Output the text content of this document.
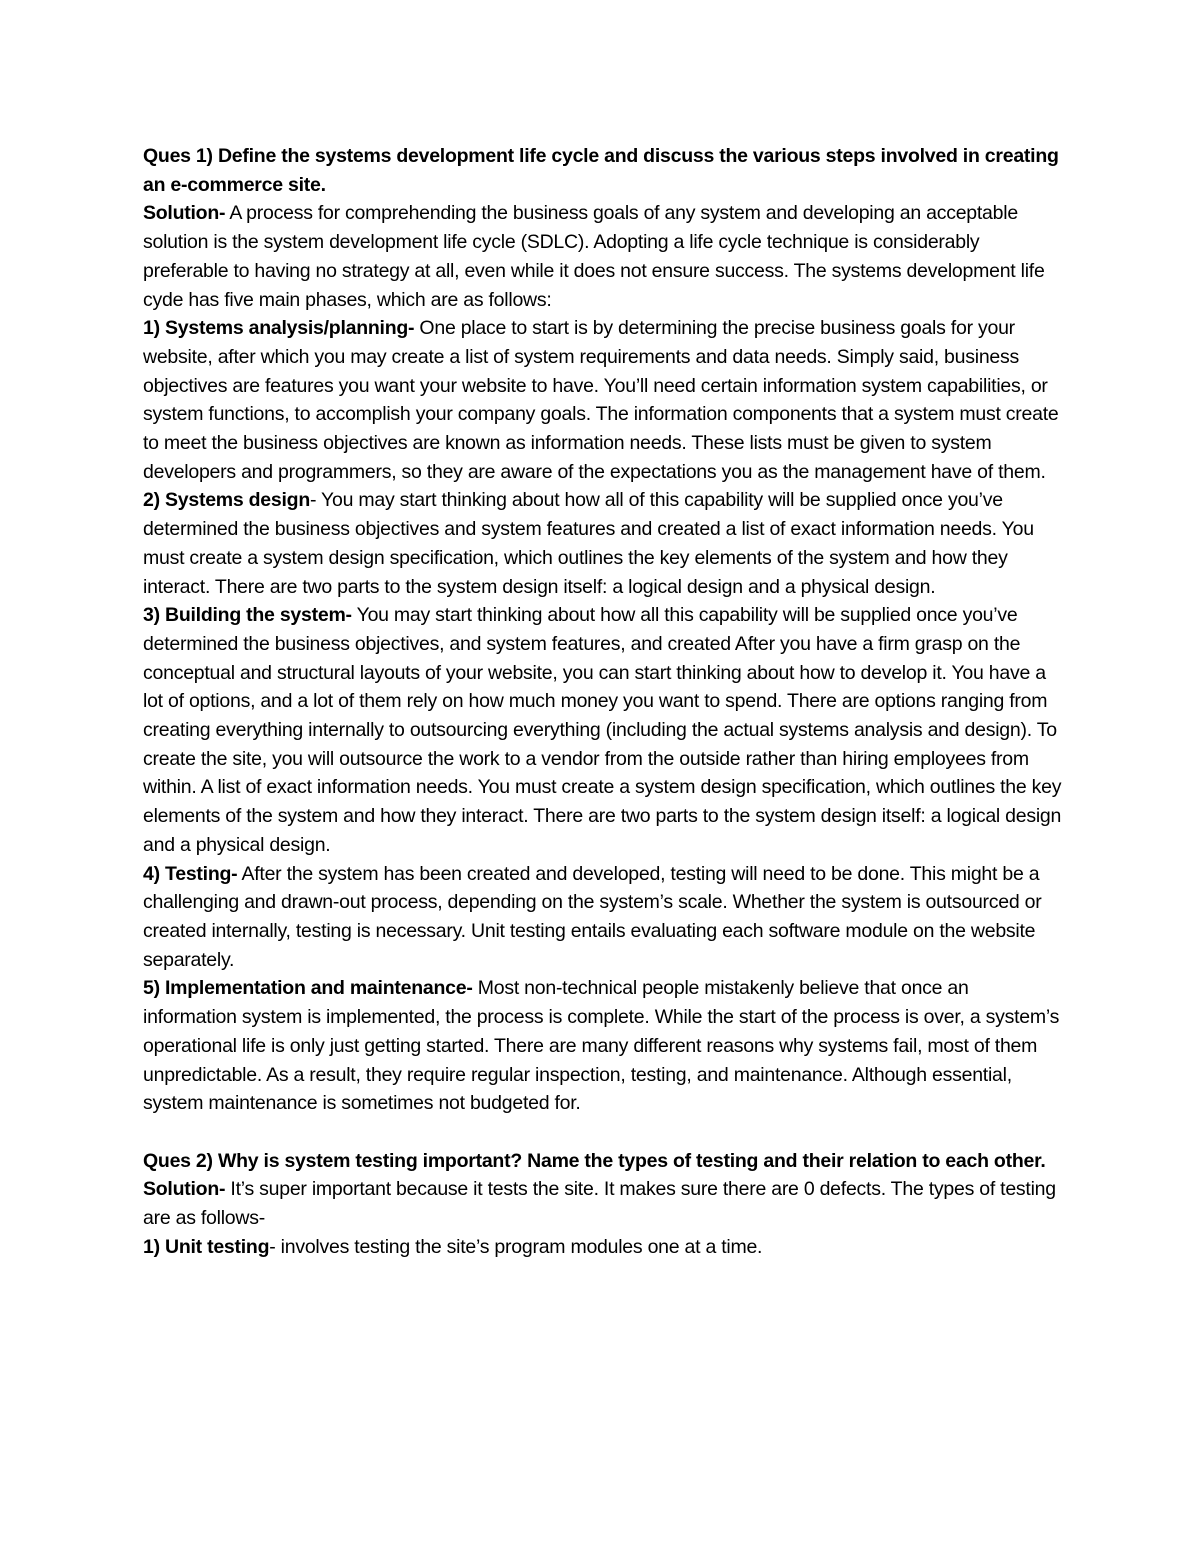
Ques 1) Define the systems development life cycle and discuss the various steps involved in creating an e-commerce site.

Solution- A process for comprehending the business goals of any system and developing an acceptable solution is the system development life cycle (SDLC). Adopting a life cycle technique is considerably preferable to having no strategy at all, even while it does not ensure success. The systems development life cyde has five main phases, which are as follows:

1) Systems analysis/planning- One place to start is by determining the precise business goals for your website, after which you may create a list of system requirements and data needs. Simply said, business objectives are features you want your website to have. You’ll need certain information system capabilities, or system functions, to accomplish your company goals. The information components that a system must create to meet the business objectives are known as information needs. These lists must be given to system developers and programmers, so they are aware of the expectations you as the management have of them.

2) Systems design- You may start thinking about how all of this capability will be supplied once you’ve determined the business objectives and system features and created a list of exact information needs. You must create a system design specification, which outlines the key elements of the system and how they interact. There are two parts to the system design itself: a logical design and a physical design.

3) Building the system- You may start thinking about how all this capability will be supplied once you’ve determined the business objectives, and system features, and created After you have a firm grasp on the conceptual and structural layouts of your website, you can start thinking about how to develop it. You have a lot of options, and a lot of them rely on how much money you want to spend. There are options ranging from creating everything internally to outsourcing everything (including the actual systems analysis and design). To create the site, you will outsource the work to a vendor from the outside rather than hiring employees from within. A list of exact information needs. You must create a system design specification, which outlines the key elements of the system and how they interact. There are two parts to the system design itself: a logical design and a physical design.

4) Testing- After the system has been created and developed, testing will need to be done. This might be a challenging and drawn-out process, depending on the system’s scale. Whether the system is outsourced or created internally, testing is necessary. Unit testing entails evaluating each software module on the website separately.

5) Implementation and maintenance- Most non-technical people mistakenly believe that once an information system is implemented, the process is complete. While the start of the process is over, a system’s operational life is only just getting started. There are many different reasons why systems fail, most of them unpredictable. As a result, they require regular inspection, testing, and maintenance. Although essential, system maintenance is sometimes not budgeted for.

Ques 2) Why is system testing important? Name the types of testing and their relation to each other.

Solution- It’s super important because it tests the site. It makes sure there are 0 defects. The types of testing are as follows-

1) Unit testing- involves testing the site’s program modules one at a time.
